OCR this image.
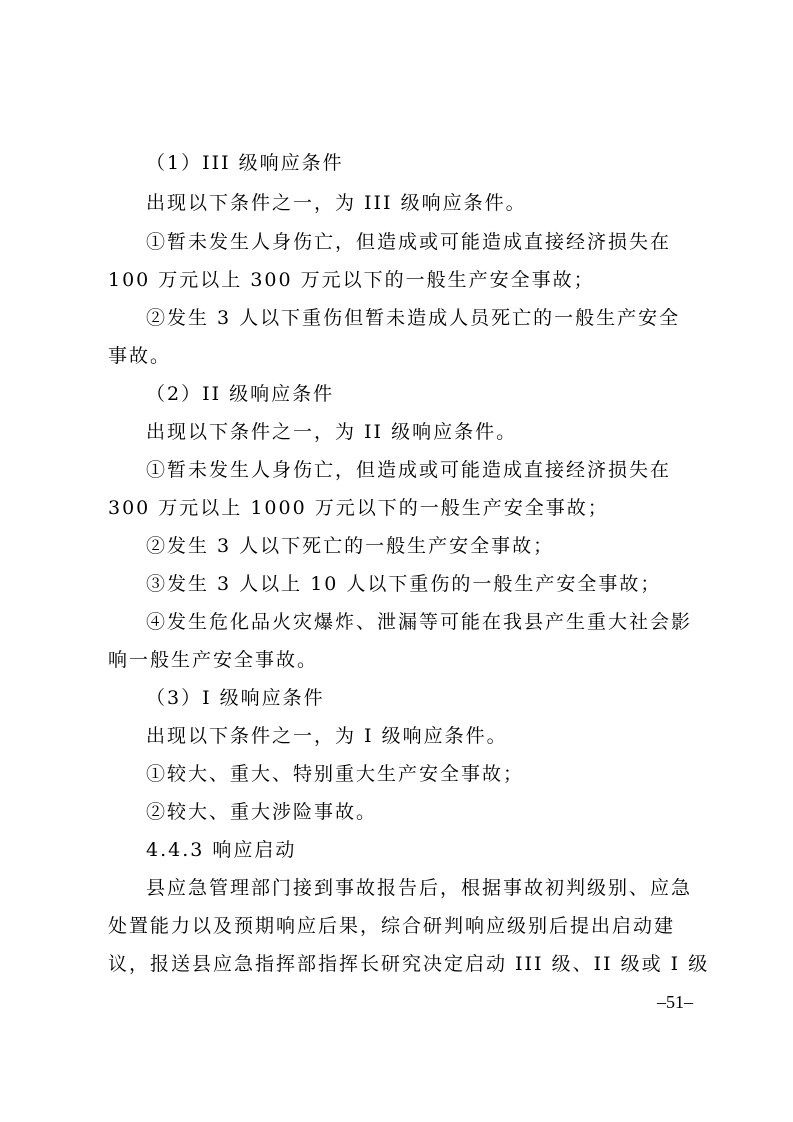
（1）III 级响应条件
出现以下条件之一，为 III 级响应条件。
①暂未发生人身伤亡，但造成或可能造成直接经济损失在
100 万元以上 300 万元以下的一般生产安全事故；
②发生 3 人以下重伤但暂未造成人员死亡的一般生产安全
事故。
（2）II 级响应条件
出现以下条件之一，为 II 级响应条件。
①暂未发生人身伤亡，但造成或可能造成直接经济损失在
300 万元以上 1000 万元以下的一般生产安全事故；
②发生 3 人以下死亡的一般生产安全事故；
③发生 3 人以上 10 人以下重伤的一般生产安全事故；
④发生危化品火灾爆炸、泄漏等可能在我县产生重大社会影
响一般生产安全事故。
（3）I 级响应条件
出现以下条件之一，为 I 级响应条件。
①较大、重大、特别重大生产安全事故；
②较大、重大涉险事故。
4.4.3 响应启动
县应急管理部门接到事故报告后，根据事故初判级别、应急
处置能力以及预期响应后果，综合研判响应级别后提出启动建
议，报送县应急指挥部指挥长研究决定启动 III 级、II 级或 I 级
–51–
